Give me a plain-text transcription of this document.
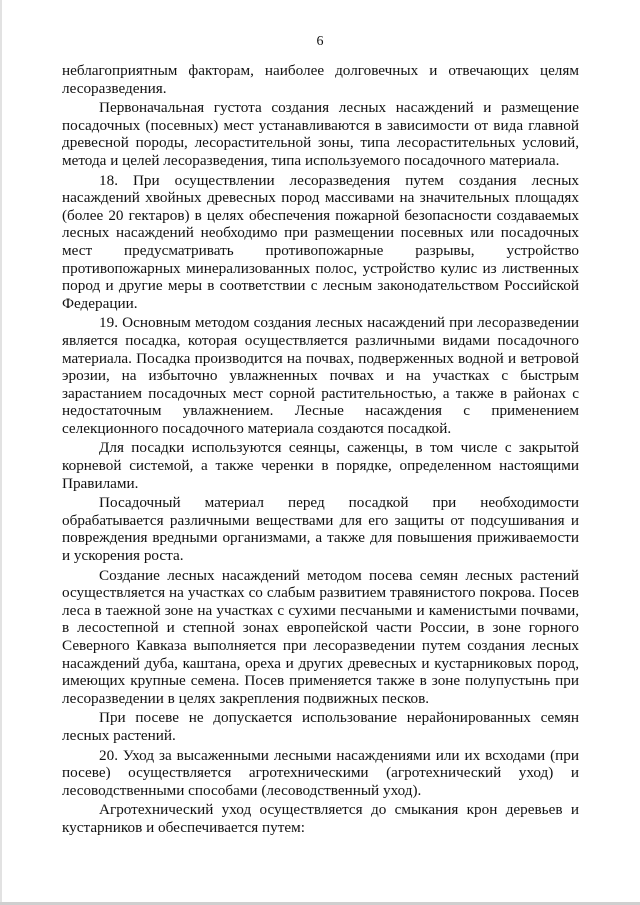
6

неблагоприятным факторам, наиболее долговечных и отвечающих целям лесоразведения.

Первоначальная густота создания лесных насаждений и размещение посадочных (посевных) мест устанавливаются в зависимости от вида главной древесной породы, лесорастительной зоны, типа лесорастительных условий, метода и целей лесоразведения, типа используемого посадочного материала.

18. При осуществлении лесоразведения путем создания лесных насаждений хвойных древесных пород массивами на значительных площадях (более 20 гектаров) в целях обеспечения пожарной безопасности создаваемых лесных насаждений необходимо при размещении посевных или посадочных мест предусматривать противопожарные разрывы, устройство противопожарных минерализованных полос, устройство кулис из лиственных пород и другие меры в соответствии с лесным законодательством Российской Федерации.

19. Основным методом создания лесных насаждений при лесоразведении является посадка, которая осуществляется различными видами посадочного материала. Посадка производится на почвах, подверженных водной и ветровой эрозии, на избыточно увлажненных почвах и на участках с быстрым зарастанием посадочных мест сорной растительностью, а также в районах с недостаточным увлажнением. Лесные насаждения с применением селекционного посадочного материала создаются посадкой.

Для посадки используются сеянцы, саженцы, в том числе с закрытой корневой системой, а также черенки в порядке, определенном настоящими Правилами.

Посадочный материал перед посадкой при необходимости обрабатывается различными веществами для его защиты от подсушивания и повреждения вредными организмами, а также для повышения приживаемости и ускорения роста.

Создание лесных насаждений методом посева семян лесных растений осуществляется на участках со слабым развитием травянистого покрова. Посев леса в таежной зоне на участках с сухими песчаными и каменистыми почвами, в лесостепной и степной зонах европейской части России, в зоне горного Северного Кавказа выполняется при лесоразведении путем создания лесных насаждений дуба, каштана, ореха и других древесных и кустарниковых пород, имеющих крупные семена. Посев применяется также в зоне полупустынь при лесоразведении в целях закрепления подвижных песков.

При посеве не допускается использование нерайонированных семян лесных растений.

20. Уход за высаженными лесными насаждениями или их всходами (при посеве) осуществляется агротехническими (агротехнический уход) и лесоводственными способами (лесоводственный уход).

Агротехнический уход осуществляется до смыкания крон деревьев и кустарников и обеспечивается путем:
